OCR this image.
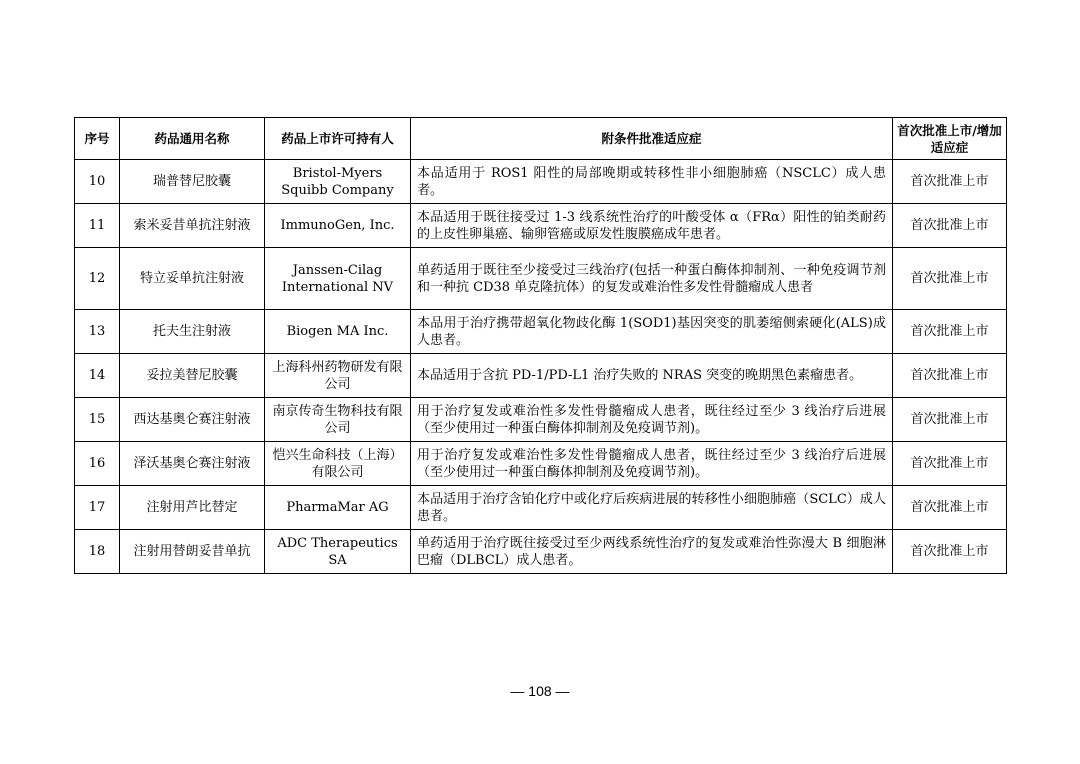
序号	药品通用名称	药品上市许可持有人	附条件批准适应症	首次批准上市/增加适应症
10	瑞普替尼胶囊	Bristol-Myers Squibb Company	本品适用于 ROS1 阳性的局部晚期或转移性非小细胞肺癌（NSCLC）成人患者。	首次批准上市
11	索米妥昔单抗注射液	ImmunoGen, Inc.	本品适用于既往接受过 1-3 线系统性治疗的叶酸受体 α（FRα）阳性的铂类耐药的上皮性卵巢癌、输卵管癌或原发性腹膜癌成年患者。	首次批准上市
12	特立妥单抗注射液	Janssen-Cilag International NV	单药适用于既往至少接受过三线治疗(包括一种蛋白酶体抑制剂、一种免疫调节剂和一种抗 CD38 单克隆抗体）的复发或难治性多发性骨髓瘤成人患者	首次批准上市
13	托夫生注射液	Biogen MA Inc.	本品用于治疗携带超氧化物歧化酶 1(SOD1)基因突变的肌萎缩侧索硬化(ALS)成人患者。	首次批准上市
14	妥拉美替尼胶囊	上海科州药物研发有限公司	本品适用于含抗 PD-1/PD-L1 治疗失败的 NRAS 突变的晚期黑色素瘤患者。	首次批准上市
15	西达基奥仑赛注射液	南京传奇生物科技有限公司	用于治疗复发或难治性多发性骨髓瘤成人患者，既往经过至少 3 线治疗后进展（至少使用过一种蛋白酶体抑制剂及免疫调节剂)。	首次批准上市
16	泽沃基奥仑赛注射液	恺兴生命科技（上海）有限公司	用于治疗复发或难治性多发性骨髓瘤成人患者，既往经过至少 3 线治疗后进展（至少使用过一种蛋白酶体抑制剂及免疫调节剂)。	首次批准上市
17	注射用芦比替定	PharmaMar AG	本品适用于治疗含铂化疗中或化疗后疾病进展的转移性小细胞肺癌（SCLC）成人患者。	首次批准上市
18	注射用替朗妥昔单抗	ADC Therapeutics SA	单药适用于治疗既往接受过至少两线系统性治疗的复发或难治性弥漫大 B 细胞淋巴瘤（DLBCL）成人患者。	首次批准上市
— 108 —
